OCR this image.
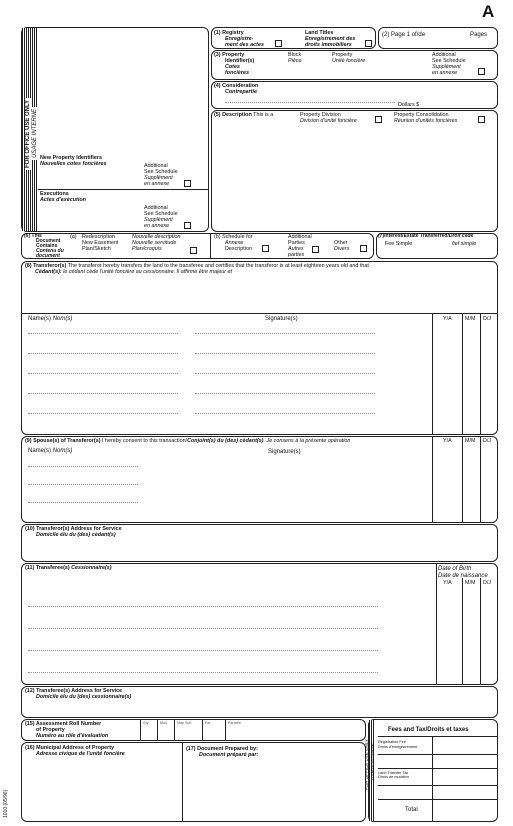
A
FOR OFFICE USE ONLY USAGE INTERNE New Property Identifiers
Nouvelles cotes foncières	Additional
See Schedule
Supplément
en annexe
Executions
Actes d'exécution
Additional
See Schedule
Supplément
en annexe
(1) Registry
Enregistre-
ment des actes
Land Titles
Enregistrement des
droits immobiliers
(2) Page 1 of/de	Pages
(3) Property
Identifier(s)
Cotes
foncières
Block
Pièce
Property
Unité foncière
Additional
See Schedule
Supplément
en annexe
(4) Consideration
Contrepartie
Dollars $
(5) Description This is a	Property Division
Division d'unité foncière
Property Consolidation
Réunion d'unités foncières
(6) This
Document
Contains
Contenu du
document
(a) Redescription
New Easement
Plan/Sketch
Nouvelle description
Nouvelle servitude
Plan/croquis
(b) Schedule for
Annexe
Description
Additional
Parties
Autres
parties
Other
Divers
(7)Interest/Estate Transferred/Droit cédé
Fee Simple	fief simple
(8) Transferor(s) The transferor hereby transfers the land to the transferee and certifies that the transferor is at least eighteen years old and that
Cédant(s): le cédant cède l'unité foncière au cessionnaire. Il affirme être majeur et
Name(s) Nom(s)	Signature(s)	Y/A M/M D/J
(9) Spouse(s) of Transferor(s) I hereby consent to this transaction/Conjoint(s) du (des) cédant(s). Je consens à la présente opération	Y/A M/M D/J
Name(s) Nom(s)	Signature(s)
(10) Transferor(s) Address for Service
Domicile élu du (des) cédant(s)
(11) Transferee(s) Cessionnaire(s)	Date of Birth
Date de naissance
Y/A M/M D/J
(12) Transferee(s) Address for Service
Domicile élu du (des) cessionnaire(s)
(15) Assessment Roll Number
of Property
Numéro au rôle d'évaluation
Cty	Mun	Map Sub	Par	Parcelle
(16) Municipal Address of Property
Adresse civique de l'unité foncière
(17) Document Prepared by:
Document préparé par:	FOR OFFICE USE ONLY USAGE INTERNE
Fees and Tax/Droits et taxes
Registration Fee
Droits d'enregistrement
Land Transfer Tax
Droits de mutation
Total
1010 (05/96)
